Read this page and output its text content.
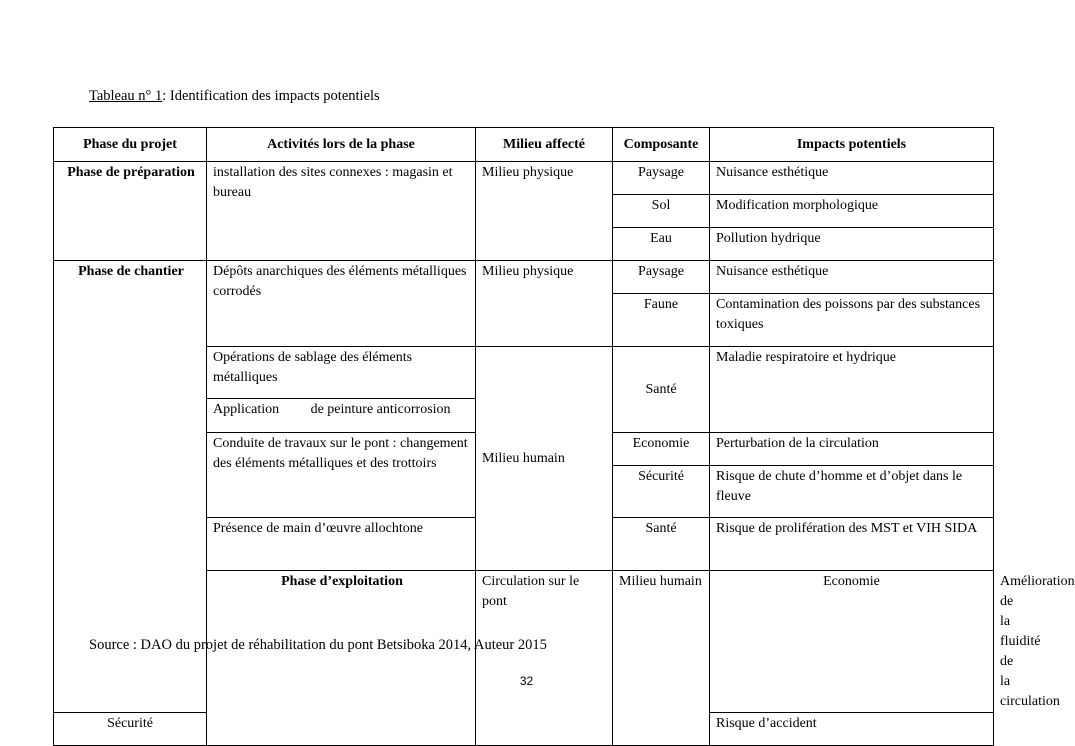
Tableau n° 1: Identification des impacts potentiels
Phase du projet	Activités lors de la phase	Milieu affecté	Composante	Impacts potentiels	
Phase de préparation	installation des sites connexes : magasin et bureau	Milieu physique	Paysage	Nuisance esthétique	
			Sol	Modification morphologique	
			Eau	Pollution hydrique	
Phase de chantier	Dépôts anarchiques des éléments métalliques corrodés	Milieu physique	Paysage	Nuisance esthétique	
			Faune	Contamination des poissons par des substances toxiques	
	Opérations de sablage des éléments métalliques	Milieu humain	Santé	Maladie respiratoire et hydrique	
	Application         de peinture anticorrosion				
	Conduite de travaux sur le pont : changement des éléments métalliques et des trottoirs		Economie	Perturbation de la circulation	
			Sécurité	Risque de chute d’homme et d’objet dans le fleuve	
	Présence de main d’œuvre allochtone		Santé	Risque de prolifération des MST et VIH SIDA	
	Phase d’exploitation	Circulation sur le pont	Milieu humain	Economie	Amélioration de la fluidité de la circulation
Sécurité				Risque d’accident	
Source : DAO du projet de réhabilitation du pont Betsiboka 2014, Auteur 2015
32
